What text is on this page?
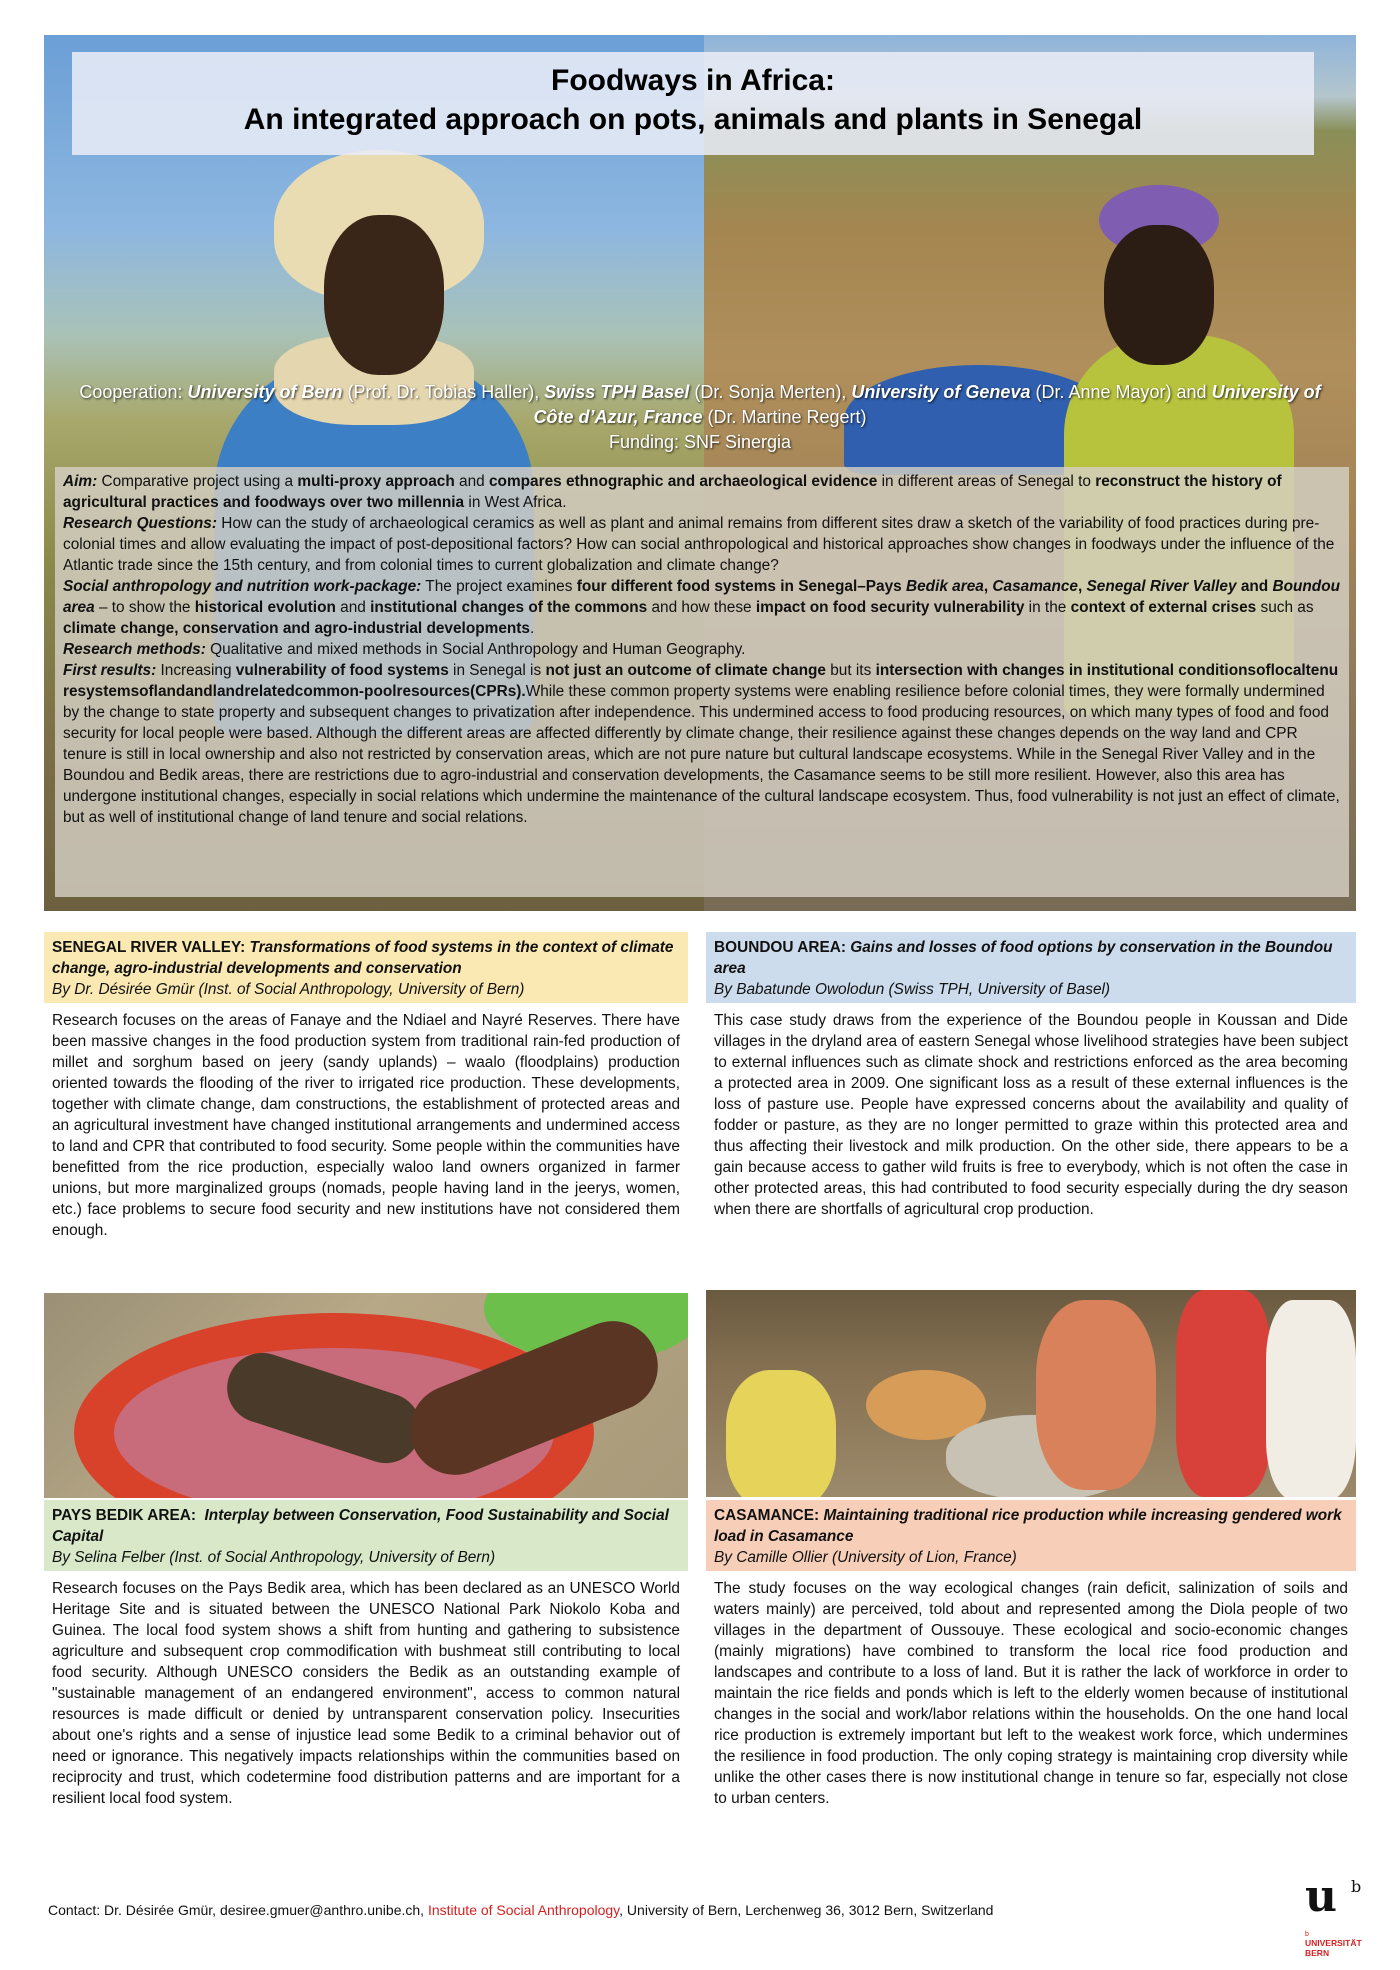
Foodways in Africa:
An integrated approach on pots, animals and plants in Senegal
Cooperation: University of Bern (Prof. Dr. Tobias Haller), Swiss TPH Basel (Dr. Sonja Merten), University of Geneva (Dr. Anne Mayor) and University of Côte d’Azur, France (Dr. Martine Regert)
Funding: SNF Sinergia

Aim: Comparative project using a multi-proxy approach and compares ethnographic and archaeological evidence in different areas of Senegal to reconstruct the history of agricultural practices and foodways over two millennia in West Africa.

Research Questions: How can the study of archaeological ceramics as well as plant and animal remains from different sites draw a sketch of the variability of food practices during pre-colonial times and allow evaluating the impact of post-depositional factors? How can social anthropological and historical approaches show changes in foodways under the influence of the Atlantic trade since the 15th century, and from colonial times to current globalization and climate change?

Social anthropology and nutrition work-package: The project examines four different food systems in Senegal–Pays Bedik area, Casamance, Senegal River Valley and Boundou area – to show the historical evolution and institutional changes of the commons and how these impact on food security vulnerability in the context of external crises such as climate change, conservation and agro-industrial developments.

Research methods: Qualitative and mixed methods in Social Anthropology and Human Geography.

First results: Increasing vulnerability of food systems in Senegal is not just an outcome of climate change but its intersection with changes in institutional conditionsoflocaltenuresystemsoflandandlandrelatedcommon-poolresources(CPRs).While these common property systems were enabling resilience before colonial times, they were formally undermined by the change to state property and subsequent changes to privatization after independence. This undermined access to food producing resources, on which many types of food and food security for local people were based. Although the different areas are affected differently by climate change, their resilience against these changes depends on the way land and CPR tenure is still in local ownership and also not restricted by conservation areas, which are not pure nature but cultural landscape ecosystems. While in the Senegal River Valley and in the Boundou and Bedik areas, there are restrictions due to agro-industrial and conservation developments, the Casamance seems to be still more resilient. However, also this area has undergone institutional changes, especially in social relations which undermine the maintenance of the cultural landscape ecosystem. Thus, food vulnerability is not just an effect of climate, but as well of institutional change of land tenure and social relations.

SENEGAL RIVER VALLEY: Transformations of food systems in the context of climate change, agro-industrial developments and conservation
By Dr. Désirée Gmür (Inst. of Social Anthropology, University of Bern)
Research focuses on the areas of Fanaye and the Ndiael and Nayré Reserves. There have been massive changes in the food production system from traditional rain-fed production of millet and sorghum based on jeery (sandy uplands) – waalo (floodplains) production oriented towards the flooding of the river to irrigated rice production. These developments, together with climate change, dam constructions, the establishment of protected areas and an agricultural investment have changed institutional arrangements and undermined access to land and CPR that contributed to food security. Some people within the communities have benefitted from the rice production, especially waloo land owners organized in farmer unions, but more marginalized groups (nomads, people having land in the jeerys, women, etc.) face problems to secure food security and new institutions have not considered them enough.
BOUNDOU AREA: Gains and losses of food options by conservation in the Boundou area
By Babatunde Owolodun (Swiss TPH, University of Basel)
This case study draws from the experience of the Boundou people in Koussan and Dide villages in the dryland area of eastern Senegal whose livelihood strategies have been subject to external influences such as climate shock and restrictions enforced as the area becoming a protected area in 2009. One significant loss as a result of these external influences is the loss of pasture use. People have expressed concerns about the availability and quality of fodder or pasture, as they are no longer permitted to graze within this protected area and thus affecting their livestock and milk production. On the other side, there appears to be a gain because access to gather wild fruits is free to everybody, which is not often the case in other protected areas, this had contributed to food security especially during the dry season when there are shortfalls of agricultural crop production.
PAYS BEDIK AREA: Interplay between Conservation, Food Sustainability and Social Capital
By Selina Felber (Inst. of Social Anthropology, University of Bern)
Research focuses on the Pays Bedik area, which has been declared as an UNESCO World Heritage Site and is situated between the UNESCO National Park Niokolo Koba and Guinea. The local food system shows a shift from hunting and gathering to subsistence agriculture and subsequent crop commodification with bushmeat still contributing to local food security. Although UNESCO considers the Bedik as an outstanding example of "sustainable management of an endangered environment", access to common natural resources is made difficult or denied by untransparent conservation policy. Insecurities about one's rights and a sense of injustice lead some Bedik to a criminal behavior out of need or ignorance. This negatively impacts relationships within the communities based on reciprocity and trust, which codetermine food distribution patterns and are important for a resilient local food system.
CASAMANCE: Maintaining traditional rice production while increasing gendered work load in Casamance
By Camille Ollier (University of Lion, France)
The study focuses on the way ecological changes (rain deficit, salinization of soils and waters mainly) are perceived, told about and represented among the Diola people of two villages in the department of Oussouye. These ecological and socio-economic changes (mainly migrations) have combined to transform the local rice food production and landscapes and contribute to a loss of land. But it is rather the lack of workforce in order to maintain the rice fields and ponds which is left to the elderly women because of institutional changes in the social and work/labor relations within the households. On the one hand local rice production is extremely important but left to the weakest work force, which undermines the resilience in food production. The only coping strategy is maintaining crop diversity while unlike the other cases there is now institutional change in tenure so far, especially not close to urban centers.
Contact: Dr. Désirée Gmür, desiree.gmuer@anthro.unibe.ch, Institute of Social Anthropology, University of Bern, Lerchenweg 36, 3012 Bern, Switzerland	u b
b
UNIVERSITÄT
BERN
